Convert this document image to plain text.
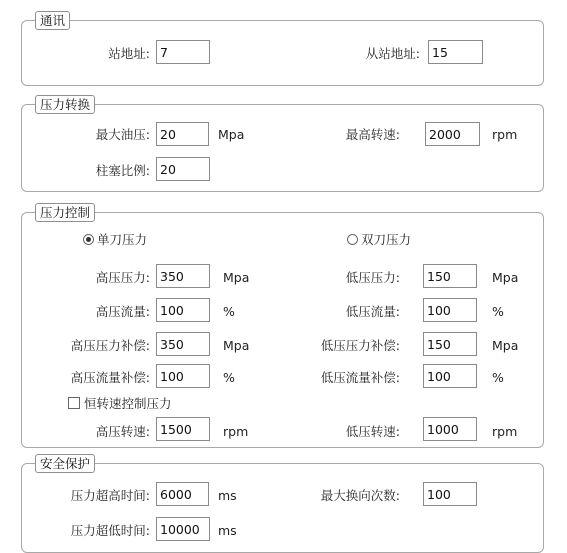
通讯
站地址:
7	从站地址:
15
压力转换
最大油压:
20	Mpa	最高转速:
2000	rpm
柱塞比例:
20
压力控制
单刀压力	双刀压力
高压压力:
350	Mpa	低压压力:
150	Mpa
高压流量:
100	%	低压流量:
100	%
高压压力补偿:
350	Mpa	低压压力补偿:
150	Mpa
高压流量补偿:
100	%	低压流量补偿:
100	%
恒转速控制压力
高压转速:
1500	rpm	低压转速:
1000	rpm
安全保护
压力超高时间:
6000	ms	最大换向次数:
100
压力超低时间:
10000	ms
